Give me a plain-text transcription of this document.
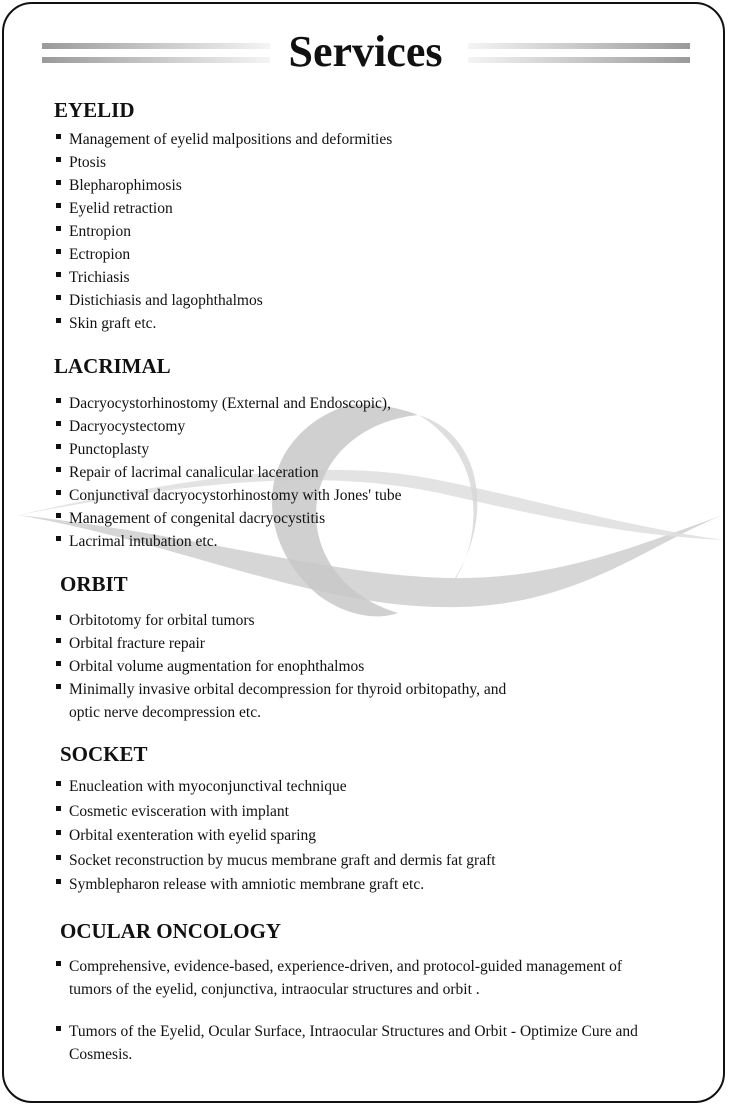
Services
EYELID
Management of eyelid malpositions and deformities
Ptosis
Blepharophimosis
Eyelid retraction
Entropion
Ectropion
Trichiasis
Distichiasis and lagophthalmos
Skin graft etc.
LACRIMAL
Dacryocystorhinostomy (External and Endoscopic),
Dacryocystectomy
Punctoplasty
Repair of lacrimal canalicular laceration
Conjunctival dacryocystorhinostomy with Jones' tube
Management of congenital dacryocystitis
Lacrimal intubation etc.
ORBIT
Orbitotomy for orbital tumors
Orbital fracture repair
Orbital volume augmentation for enophthalmos
Minimally invasive orbital decompression for thyroid orbitopathy, and optic nerve decompression etc.
SOCKET
Enucleation with myoconjunctival technique
Cosmetic evisceration with implant
Orbital exenteration with eyelid sparing
Socket reconstruction by mucus membrane graft and dermis fat graft
Symblepharon release with amniotic membrane graft etc.
OCULAR ONCOLOGY
Comprehensive, evidence-based, experience-driven, and protocol-guided management of tumors of the eyelid, conjunctiva, intraocular structures and orbit .
Tumors of the Eyelid, Ocular Surface, Intraocular Structures and Orbit - Optimize Cure and Cosmesis.
